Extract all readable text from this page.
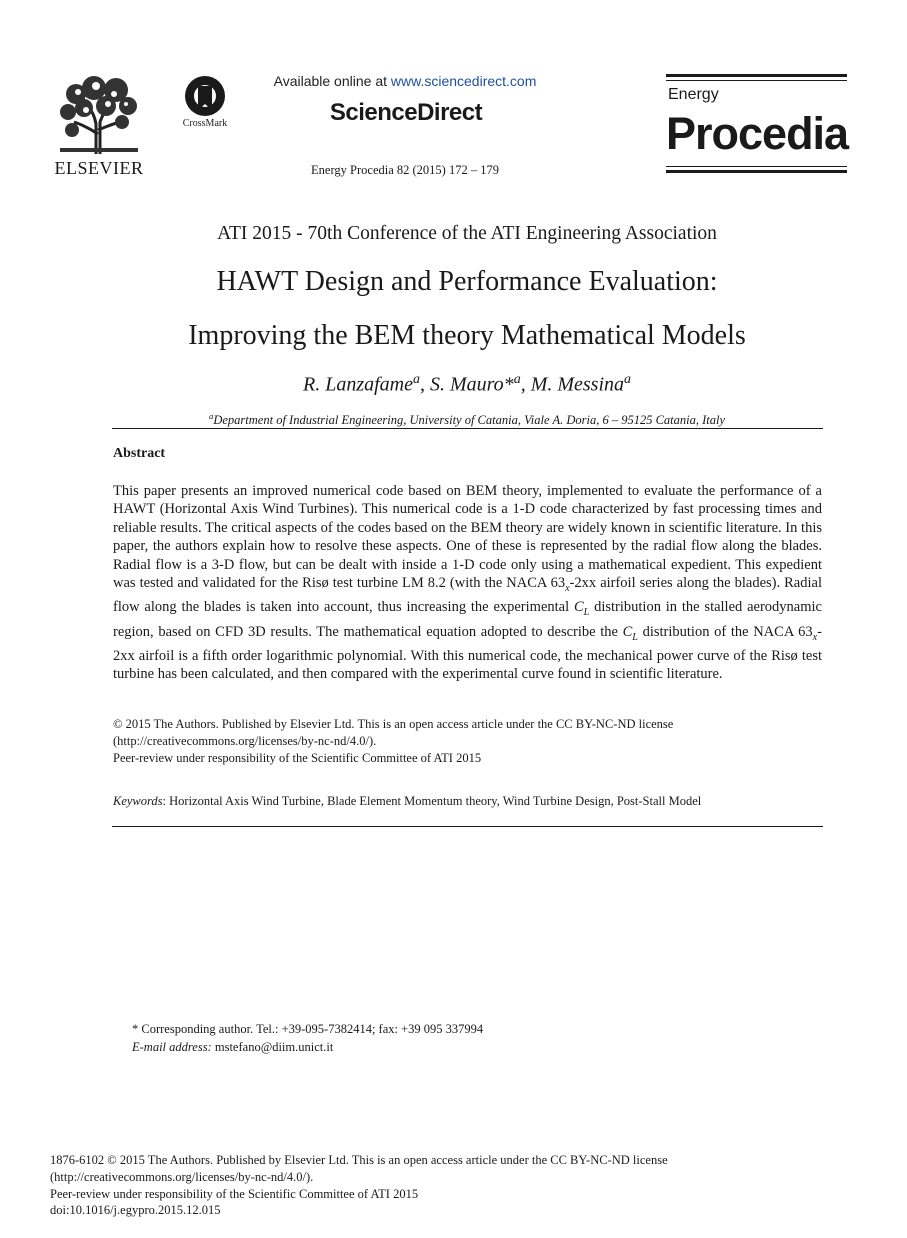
ELSEVIER
CrossMark
Available online at www.sciencedirect.com
ScienceDirect
Energy Procedia 82 (2015) 172 – 179
Energy
Procedia
ATI 2015 - 70th Conference of the ATI Engineering Association
HAWT Design and Performance Evaluation:
Improving the BEM theory Mathematical Models
R. Lanzafame$^a$, S. Mauro*$^a$, M. Messina$^a$
$^a$Department of Industrial Engineering, University of Catania, Viale A. Doria, 6 – 95125 Catania, Italy
Abstract
This paper presents an improved numerical code based on BEM theory, implemented to evaluate the performance of a HAWT (Horizontal Axis Wind Turbines). This numerical code is a 1-D code characterized by fast processing times and reliable results. The critical aspects of the codes based on the BEM theory are widely known in scientific literature. In this paper, the authors explain how to resolve these aspects. One of these is represented by the radial flow along the blades. Radial flow is a 3-D flow, but can be dealt with inside a 1-D code only using a mathematical expedient. This expedient was tested and validated for the Risø test turbine LM 8.2 (with the NACA $63_x-2xx$ airfoil series along the blades). Radial flow along the blades is taken into account, thus increasing the experimental $C_L$ distribution in the stalled aerodynamic region, based on CFD 3D results. The mathematical equation adopted to describe the $C_L$ distribution of the NACA $63_x-2xx$ airfoil is a fifth order logarithmic polynomial. With this numerical code, the mechanical power curve of the Risø test turbine has been calculated, and then compared with the experimental curve found in scientific literature.
© 2015 The Authors. Published by Elsevier Ltd. This is an open access article under the CC BY-NC-ND license
(http://creativecommons.org/licenses/by-nc-nd/4.0/).
Peer-review under responsibility of the Scientific Committee of ATI 2015
Keywords: Horizontal Axis Wind Turbine, Blade Element Momentum theory, Wind Turbine Design, Post-Stall Model
* Corresponding author. Tel.: +39-095-7382414; fax: +39 095 337994
E-mail address: mstefano@diim.unict.it
1876-6102 © 2015 The Authors. Published by Elsevier Ltd. This is an open access article under the CC BY-NC-ND license
(http://creativecommons.org/licenses/by-nc-nd/4.0/).
Peer-review under responsibility of the Scientific Committee of ATI 2015
doi:10.1016/j.egypro.2015.12.015
